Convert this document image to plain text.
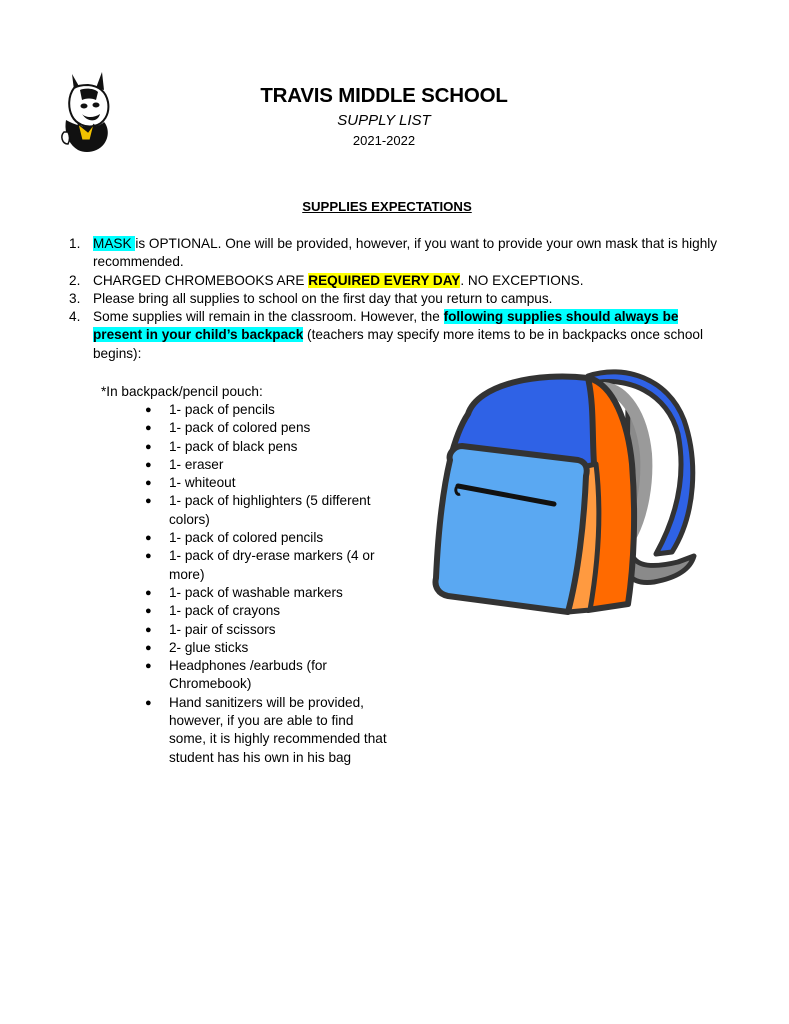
TRAVIS MIDDLE SCHOOL
SUPPLY LIST
2021-2022
SUPPLIES EXPECTATIONS
MASK is OPTIONAL. One will be provided, however, if you want to provide your own mask that is highly recommended.
CHARGED CHROMEBOOKS ARE REQUIRED EVERY DAY. NO EXCEPTIONS.
Please bring all supplies to school on the first day that you return to campus.
Some supplies will remain in the classroom. However, the following supplies should always be present in your child’s backpack (teachers may specify more items to be in backpacks once school begins):
*In backpack/pencil pouch:
● 1- pack of pencils
● 1- pack of colored pens
● 1- pack of black pens
● 1- eraser
● 1- whiteout
● 1- pack of highlighters (5 different colors)
● 1- pack of colored pencils
● 1- pack of dry-erase markers (4 or more)
● 1- pack of washable markers
● 1- pack of crayons
● 1- pair of scissors
● 2- glue sticks
● Headphones /earbuds (for Chromebook)
● Hand sanitizers will be provided, however, if you are able to find some, it is highly recommended that student has his own in his bag
